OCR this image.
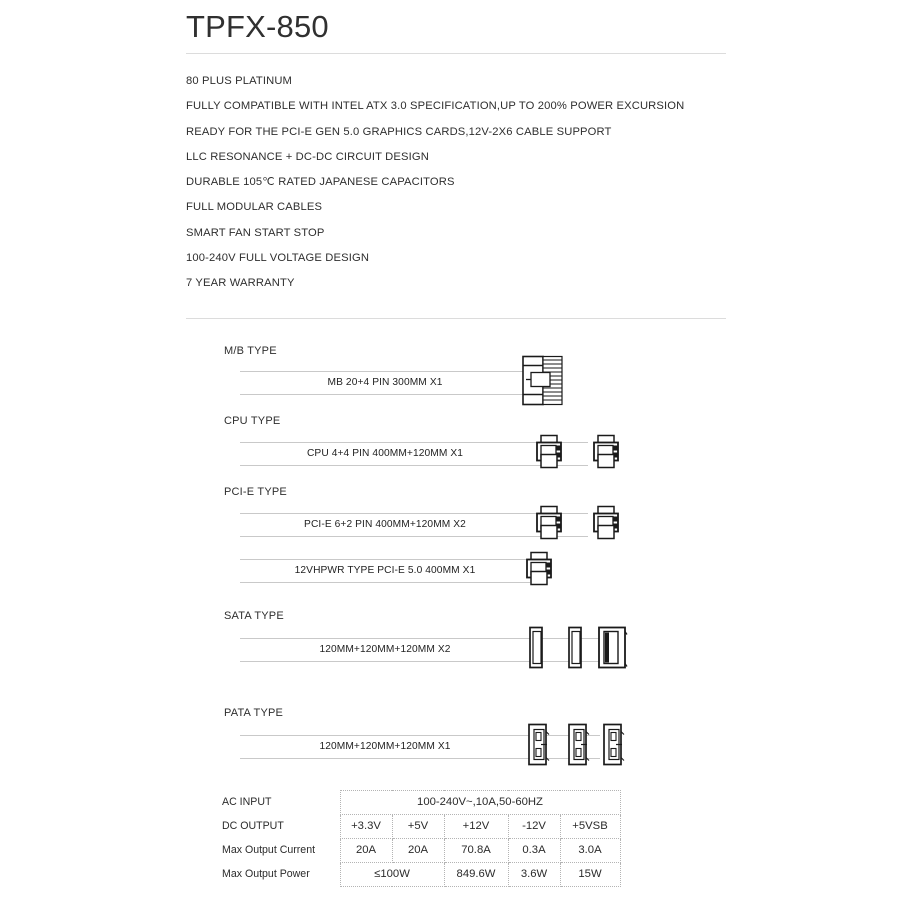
TPFX-850
80 PLUS PLATINUM
FULLY COMPATIBLE WITH INTEL ATX 3.0 SPECIFICATION,UP TO 200% POWER EXCURSION
READY FOR THE PCI-E GEN 5.0 GRAPHICS CARDS,12V-2X6 CABLE SUPPORT
LLC RESONANCE + DC-DC CIRCUIT DESIGN
DURABLE 105℃ RATED JAPANESE CAPACITORS
FULL MODULAR CABLES
SMART FAN START STOP
100-240V FULL VOLTAGE DESIGN
7 YEAR WARRANTY
M/B TYPE
MB 20+4 PIN 300MM X1
CPU TYPE
CPU 4+4 PIN 400MM+120MM X1
PCI-E TYPE
PCI-E 6+2 PIN 400MM+120MM X2
12VHPWR TYPE PCI-E 5.0 400MM X1
SATA TYPE
120MM+120MM+120MM X2
PATA TYPE
120MM+120MM+120MM X1
AC INPUT	100-240V~,10A,50-60HZ				
DC OUTPUT	+3.3V	+5V	+12V	-12V	+5VSB
Max Output Current	20A	20A	70.8A	0.3A	3.0A
Max Output Power	≤100W		849.6W	3.6W	15W
